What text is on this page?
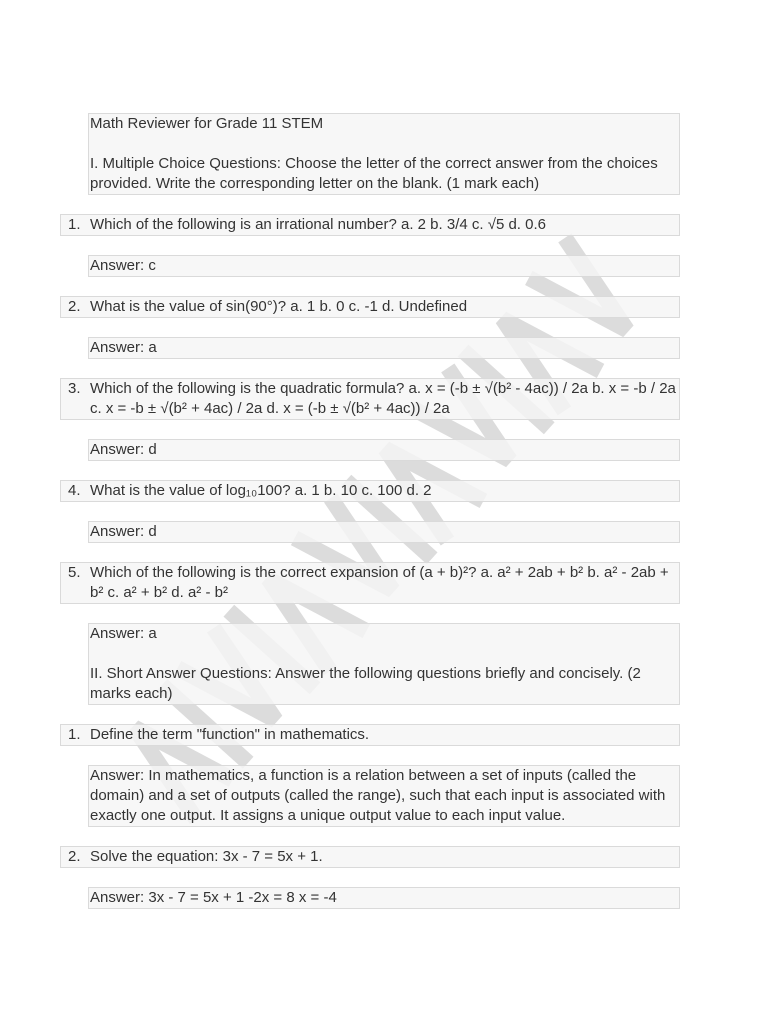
Math Reviewer for Grade 11 STEM

I. Multiple Choice Questions: Choose the letter of the correct answer from the choices provided. Write the corresponding letter on the blank. (1 mark each)

1. Which of the following is an irrational number? a. 2 b. 3/4 c. √5 d. 0.6

Answer: c

2. What is the value of sin(90°)? a. 1 b. 0 c. -1 d. Undefined

Answer: a

3. Which of the following is the quadratic formula? a. x = (-b ± √(b² - 4ac)) / 2a b. x = -b / 2a c. x = -b ± √(b² + 4ac) / 2a d. x = (-b ± √(b² + 4ac)) / 2a

Answer: d

4. What is the value of log₁₀100? a. 1 b. 10 c. 100 d. 2

Answer: d

5. Which of the following is the correct expansion of (a + b)²? a. a² + 2ab + b² b. a² - 2ab + b² c. a² + b² d. a² - b²

Answer: a

II. Short Answer Questions: Answer the following questions briefly and concisely. (2 marks each)

1. Define the term "function" in mathematics.

Answer: In mathematics, a function is a relation between a set of inputs (called the domain) and a set of outputs (called the range), such that each input is associated with exactly one output. It assigns a unique output value to each input value.

2. Solve the equation: 3x - 7 = 5x + 1.

Answer: 3x - 7 = 5x + 1 -2x = 8 x = -4
